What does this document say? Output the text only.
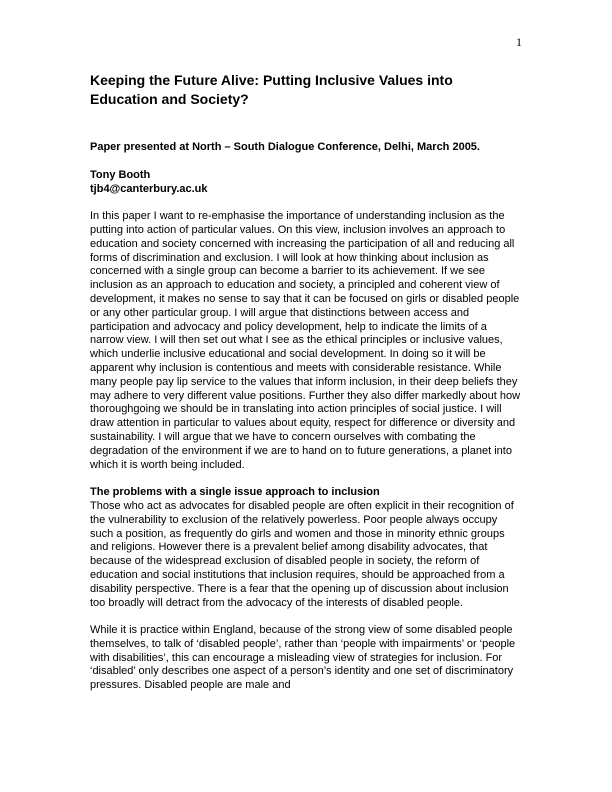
1
Keeping the Future Alive: Putting Inclusive Values into Education and Society?

Paper presented at North – South Dialogue Conference, Delhi, March 2005.

Tony Booth

tjb4@canterbury.ac.uk

In this paper I want to re-emphasise the importance of understanding inclusion as the putting into action of particular values. On this view, inclusion involves an approach to education and society concerned with increasing the participation of all and reducing all forms of discrimination and exclusion. I will look at how thinking about inclusion as concerned with a single group can become a barrier to its achievement. If we see inclusion as an approach to education and society, a principled and coherent view of development, it makes no sense to say that it can be focused on girls or disabled people or any other particular group. I will argue that distinctions between access and participation and advocacy and policy development, help to indicate the limits of a narrow view. I will then set out what I see as the ethical principles or inclusive values, which underlie inclusive educational and social development. In doing so it will be apparent why inclusion is contentious and meets with considerable resistance. While many people pay lip service to the values that inform inclusion, in their deep beliefs they may adhere to very different value positions. Further they also differ markedly about how thoroughgoing we should be in translating into action principles of social justice. I will draw attention in particular to values about equity, respect for difference or diversity and sustainability. I will argue that we have to concern ourselves with combating the degradation of the environment if we are to hand on to future generations, a planet into which it is worth being included.

The problems with a single issue approach to inclusion

Those who act as advocates for disabled people are often explicit in their recognition of the vulnerability to exclusion of the relatively powerless. Poor people always occupy such a position, as frequently do girls and women and those in minority ethnic groups and religions. However there is a prevalent belief among disability advocates, that because of the widespread exclusion of disabled people in society, the reform of education and social institutions that inclusion requires, should be approached from a disability perspective. There is a fear that the opening up of discussion about inclusion too broadly will detract from the advocacy of the interests of disabled people.

While it is practice within England, because of the strong view of some disabled people themselves, to talk of ‘disabled people’, rather than ‘people with impairments’ or ‘people with disabilities’, this can encourage a misleading view of strategies for inclusion. For ‘disabled’ only describes one aspect of a person’s identity and one set of discriminatory pressures. Disabled people are male and
